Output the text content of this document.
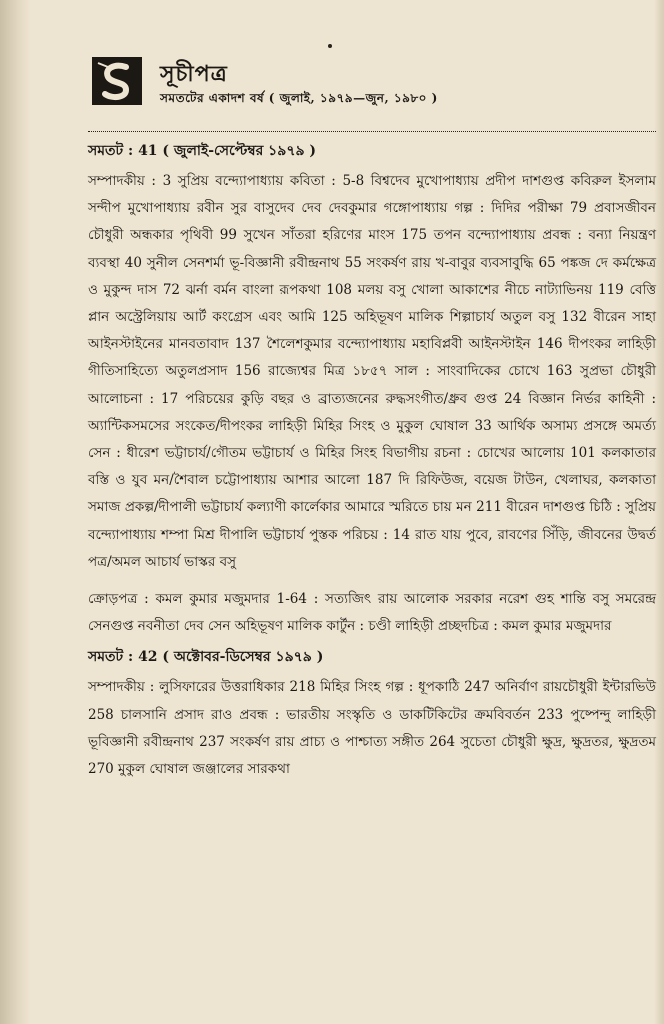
সূচীপত্র
সমতটের একাদশ বর্ষ ( জুলাই, ১৯৭৯—জুন, ১৯৮০ )
সমতট : 41 ( জুলাই-সেপ্টেম্বর ১৯৭৯ )

সম্পাদকীয় : 3 সুপ্রিয় বন্দ্যোপাধ্যায় কবিতা : 5-8 বিশ্বদেব মুখোপাধ্যায় প্রদীপ দাশগুপ্ত কবিরুল ইসলাম সন্দীপ মুখোপাধ্যায় রবীন সুর বাসুদেব দেব দেবকুমার গঙ্গোপাধ্যায় গল্প : দিদির পরীক্ষা 79 প্রবাসজীবন চৌধুরী অন্ধকার পৃথিবী 99 সুখেন সাঁতরা হরিণের মাংস 175 তপন বন্দ্যোপাধ্যায় প্রবন্ধ : বন্যা নিয়ন্ত্রণ ব্যবস্থা 40 সুনীল সেনশর্মা ভূ-বিজ্ঞানী রবীন্দ্রনাথ 55 সংকর্ষণ রায় খ-বাবুর ব্যবসাবুদ্ধি 65 পঙ্কজ দে কর্মক্ষেত্র ও মুকুন্দ দাস 72 ঝর্না বর্মন বাংলা রূপকথা 108 মলয় বসু খোলা আকাশের নীচে নাট্যাভিনয় 119 বেত্তি প্লান অস্ট্রেলিয়ায় আর্ট কংগ্রেস এবং আমি 125 অহিভূষণ মালিক শিল্পাচার্য অতুল বসু 132 বীরেন সাহা আইনস্টাইনের মানবতাবাদ 137 শৈলেশকুমার বন্দ্যোপাধ্যায় মহাবিপ্লবী আইনস্টাইন 146 দীপংকর লাহিড়ী গীতিসাহিত্যে অতুলপ্রসাদ 156 রাজ্যেশ্বর মিত্র ১৮৫৭ সাল : সাংবাদিকের চোখে 163 সুপ্রভা চৌধুরী আলোচনা : 17 পরিচয়ের কুড়ি বছর ও ব্রাত্যজনের রুদ্ধসংগীত/ধ্রুব গুপ্ত 24 বিজ্ঞান নির্ভর কাহিনী : অ্যান্টিকসমসের সংকেত/দীপংকর লাহিড়ী মিহির সিংহ ও মুকুল ঘোষাল 33 আর্থিক অসাম্য প্রসঙ্গে অমর্ত্য সেন : ধীরেশ ভট্টাচার্য/গৌতম ভট্টাচার্য ও মিহির সিংহ বিভাগীয় রচনা : চোখের আলোয় 101 কলকাতার বস্তি ও যুব মন/শৈবাল চট্টোপাধ্যায় আশার আলো 187 দি রিফিউজ, বয়েজ টাউন, খেলাঘর, কলকাতা সমাজ প্রকল্প/দীপালী ভট্টাচার্য কল্যাণী কার্লেকার আমারে স্মরিতে চায় মন 211 বীরেন দাশগুপ্ত চিঠি : সুপ্রিয় বন্দ্যোপাধ্যায় শম্পা মিশ্র দীপালি ভট্টাচার্য পুস্তক পরিচয় : 14 রাত যায় পুবে, রাবণের সিঁড়ি, জীবনের উদ্বর্ত পত্র/অমল আচার্য ভাস্কর বসু

ক্রোড়পত্র : কমল কুমার মজুমদার 1-64 : সত্যজিৎ রায় আলোক সরকার নরেশ গুহ শান্তি বসু সমরেন্দ্র সেনগুপ্ত নবনীতা দেব সেন অহিভূষণ মালিক কার্টুন : চণ্ডী লাহিড়ী প্রচ্ছদচিত্র : কমল কুমার মজুমদার

সমতট : 42 ( অক্টোবর-ডিসেম্বর ১৯৭৯ )

সম্পাদকীয় : লুসিফারের উত্তরাধিকার 218 মিহির সিংহ গল্প : ধূপকাঠি 247 অনির্বাণ রায়চৌধুরী ইন্টারভিউ 258 চালসানি প্রসাদ রাও প্রবন্ধ : ভারতীয় সংস্কৃতি ও ডাকটিকিটের ক্রমবিবর্তন 233 পুষ্পেন্দু লাহিড়ী ভূবিজ্ঞানী রবীন্দ্রনাথ 237 সংকর্ষণ রায় প্রাচ্য ও পাশ্চাত্য সঙ্গীত 264 সুচেতা চৌধুরী ক্ষুদ্র, ক্ষুদ্রতর, ক্ষুদ্রতম 270 মুকুল ঘোষাল জঞ্জালের সারকথা
